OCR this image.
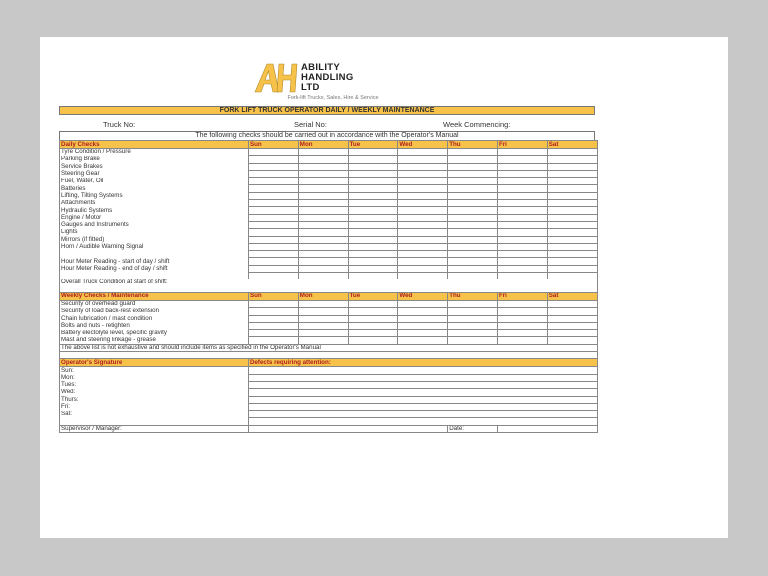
ABILITY
HANDLING
LTD
Fork-lift Trucks, Sales, Hire & Service
FORK LIFT TRUCK OPERATOR DAILY / WEEKLY MAINTENANCE
Truck No:	Serial No:	Week Commencing:
The following checks should be carried out in accordance with the Operator's Manual
Daily Checks	Sun	Mon	Tue	Wed	Thu	Fri	Sat
Tyre Condition / Pressure							
Parking Brake							
Service Brakes							
Steering Gear							
Fuel, Water, Oil							
Batteries							
Lifting, Tilting Systems							
Attachments							
Hydraulic Systems							
Engine / Motor							
Gauges and Instruments							
Lights							
Mirrors (if fitted)							
Horn / Audible Warning Signal							

Hour Meter Reading - start of day / shift							
Hour Meter Reading - end of day / shift							

Overall Truck Condition at start of shift:							

Weekly Checks / Maintenance	Sun	Mon	Tue	Wed	Thu	Fri	Sat
Security of overhead guard							
Security of load back-rest extension							
Chain lubrication / mast condition							
Bolts and nuts - retighten							
Battery electolyte level, specific gravity							
Mast and steering linkage - grease							
The above list is not exhaustive and should include items as specified in the Operator's Manual							

Operator's Signature	Defects requiring attention:						
Sun:							
Mon:							
Tues:							
Wed:							
Thurs:							
Fri:							
Sat:							

Supervisor / Manager:					Date:		
